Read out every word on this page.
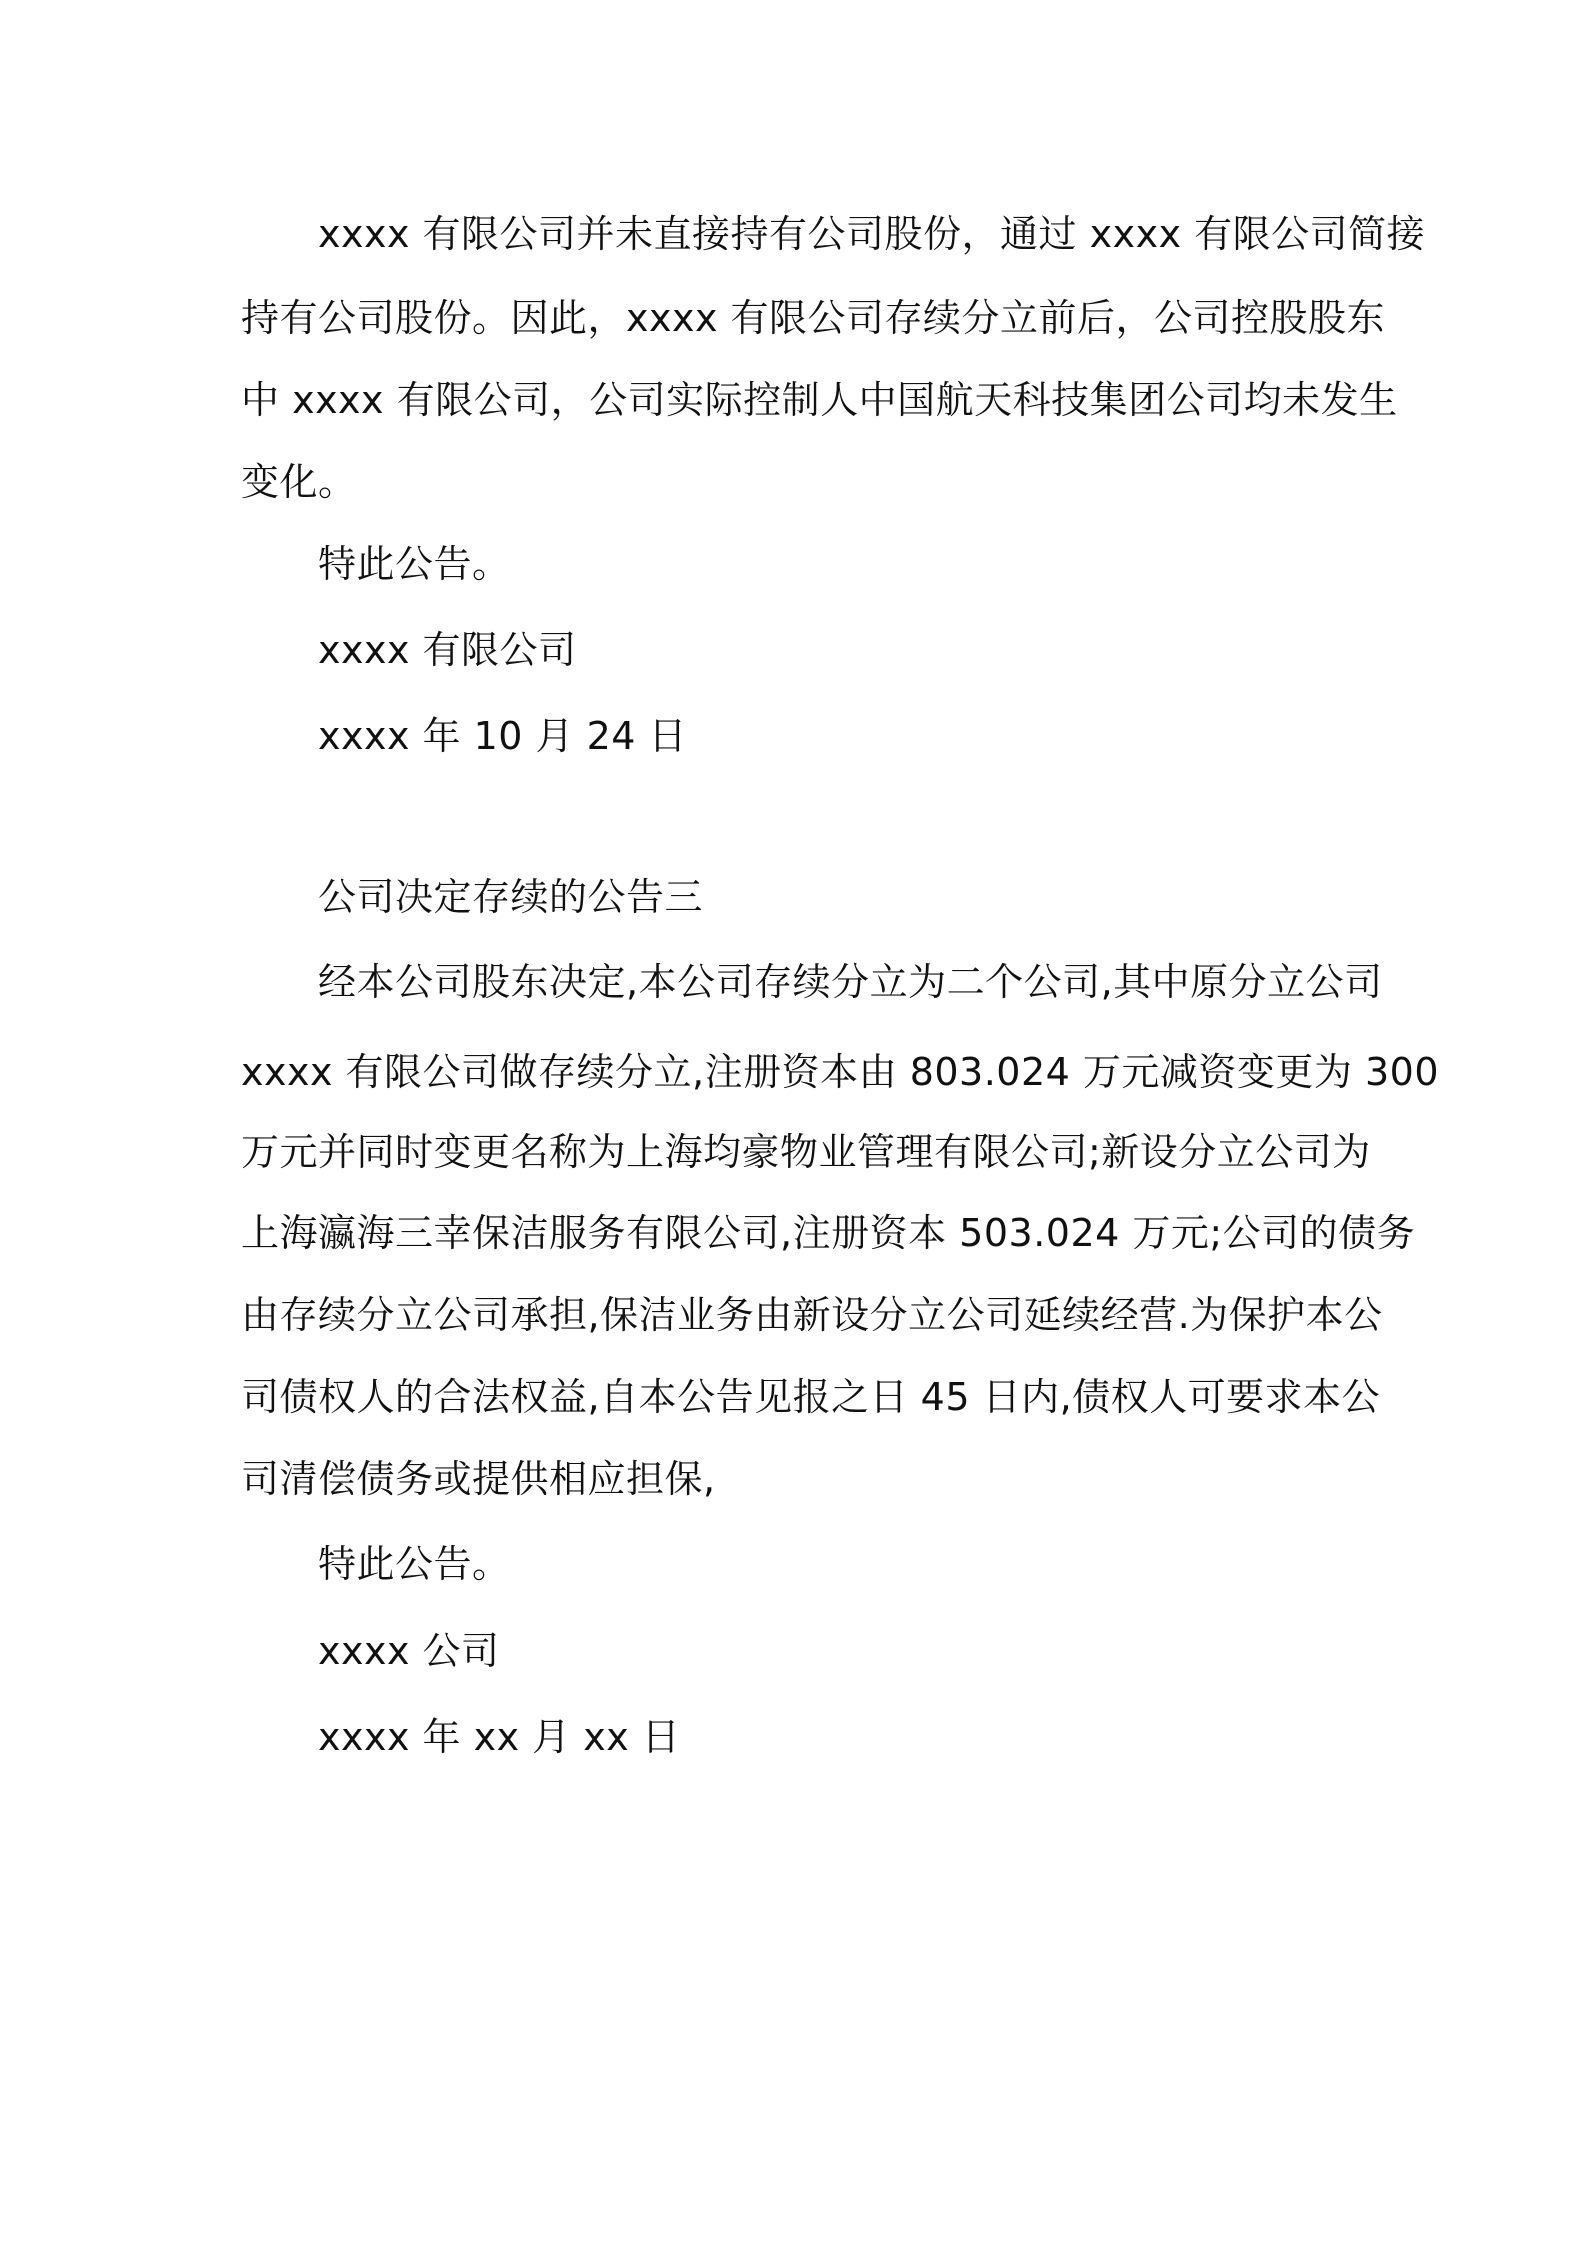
xxxx 有限公司并未直接持有公司股份，通过 xxxx 有限公司简接
持有公司股份。因此，xxxx 有限公司存续分立前后，公司控股股东
中 xxxx 有限公司，公司实际控制人中国航天科技集团公司均未发生
变化。
特此公告。
xxxx 有限公司
xxxx 年 10 月 24 日
公司决定存续的公告三
经本公司股东决定,本公司存续分立为二个公司,其中原分立公司
xxxx 有限公司做存续分立,注册资本由 803.024 万元减资变更为 300
万元并同时变更名称为上海均豪物业管理有限公司;新设分立公司为
上海瀛海三幸保洁服务有限公司,注册资本 503.024 万元;公司的债务
由存续分立公司承担,保洁业务由新设分立公司延续经营.为保护本公
司债权人的合法权益,自本公告见报之日 45 日内,债权人可要求本公
司清偿债务或提供相应担保,
特此公告。
xxxx 公司
xxxx 年 xx 月 xx 日
